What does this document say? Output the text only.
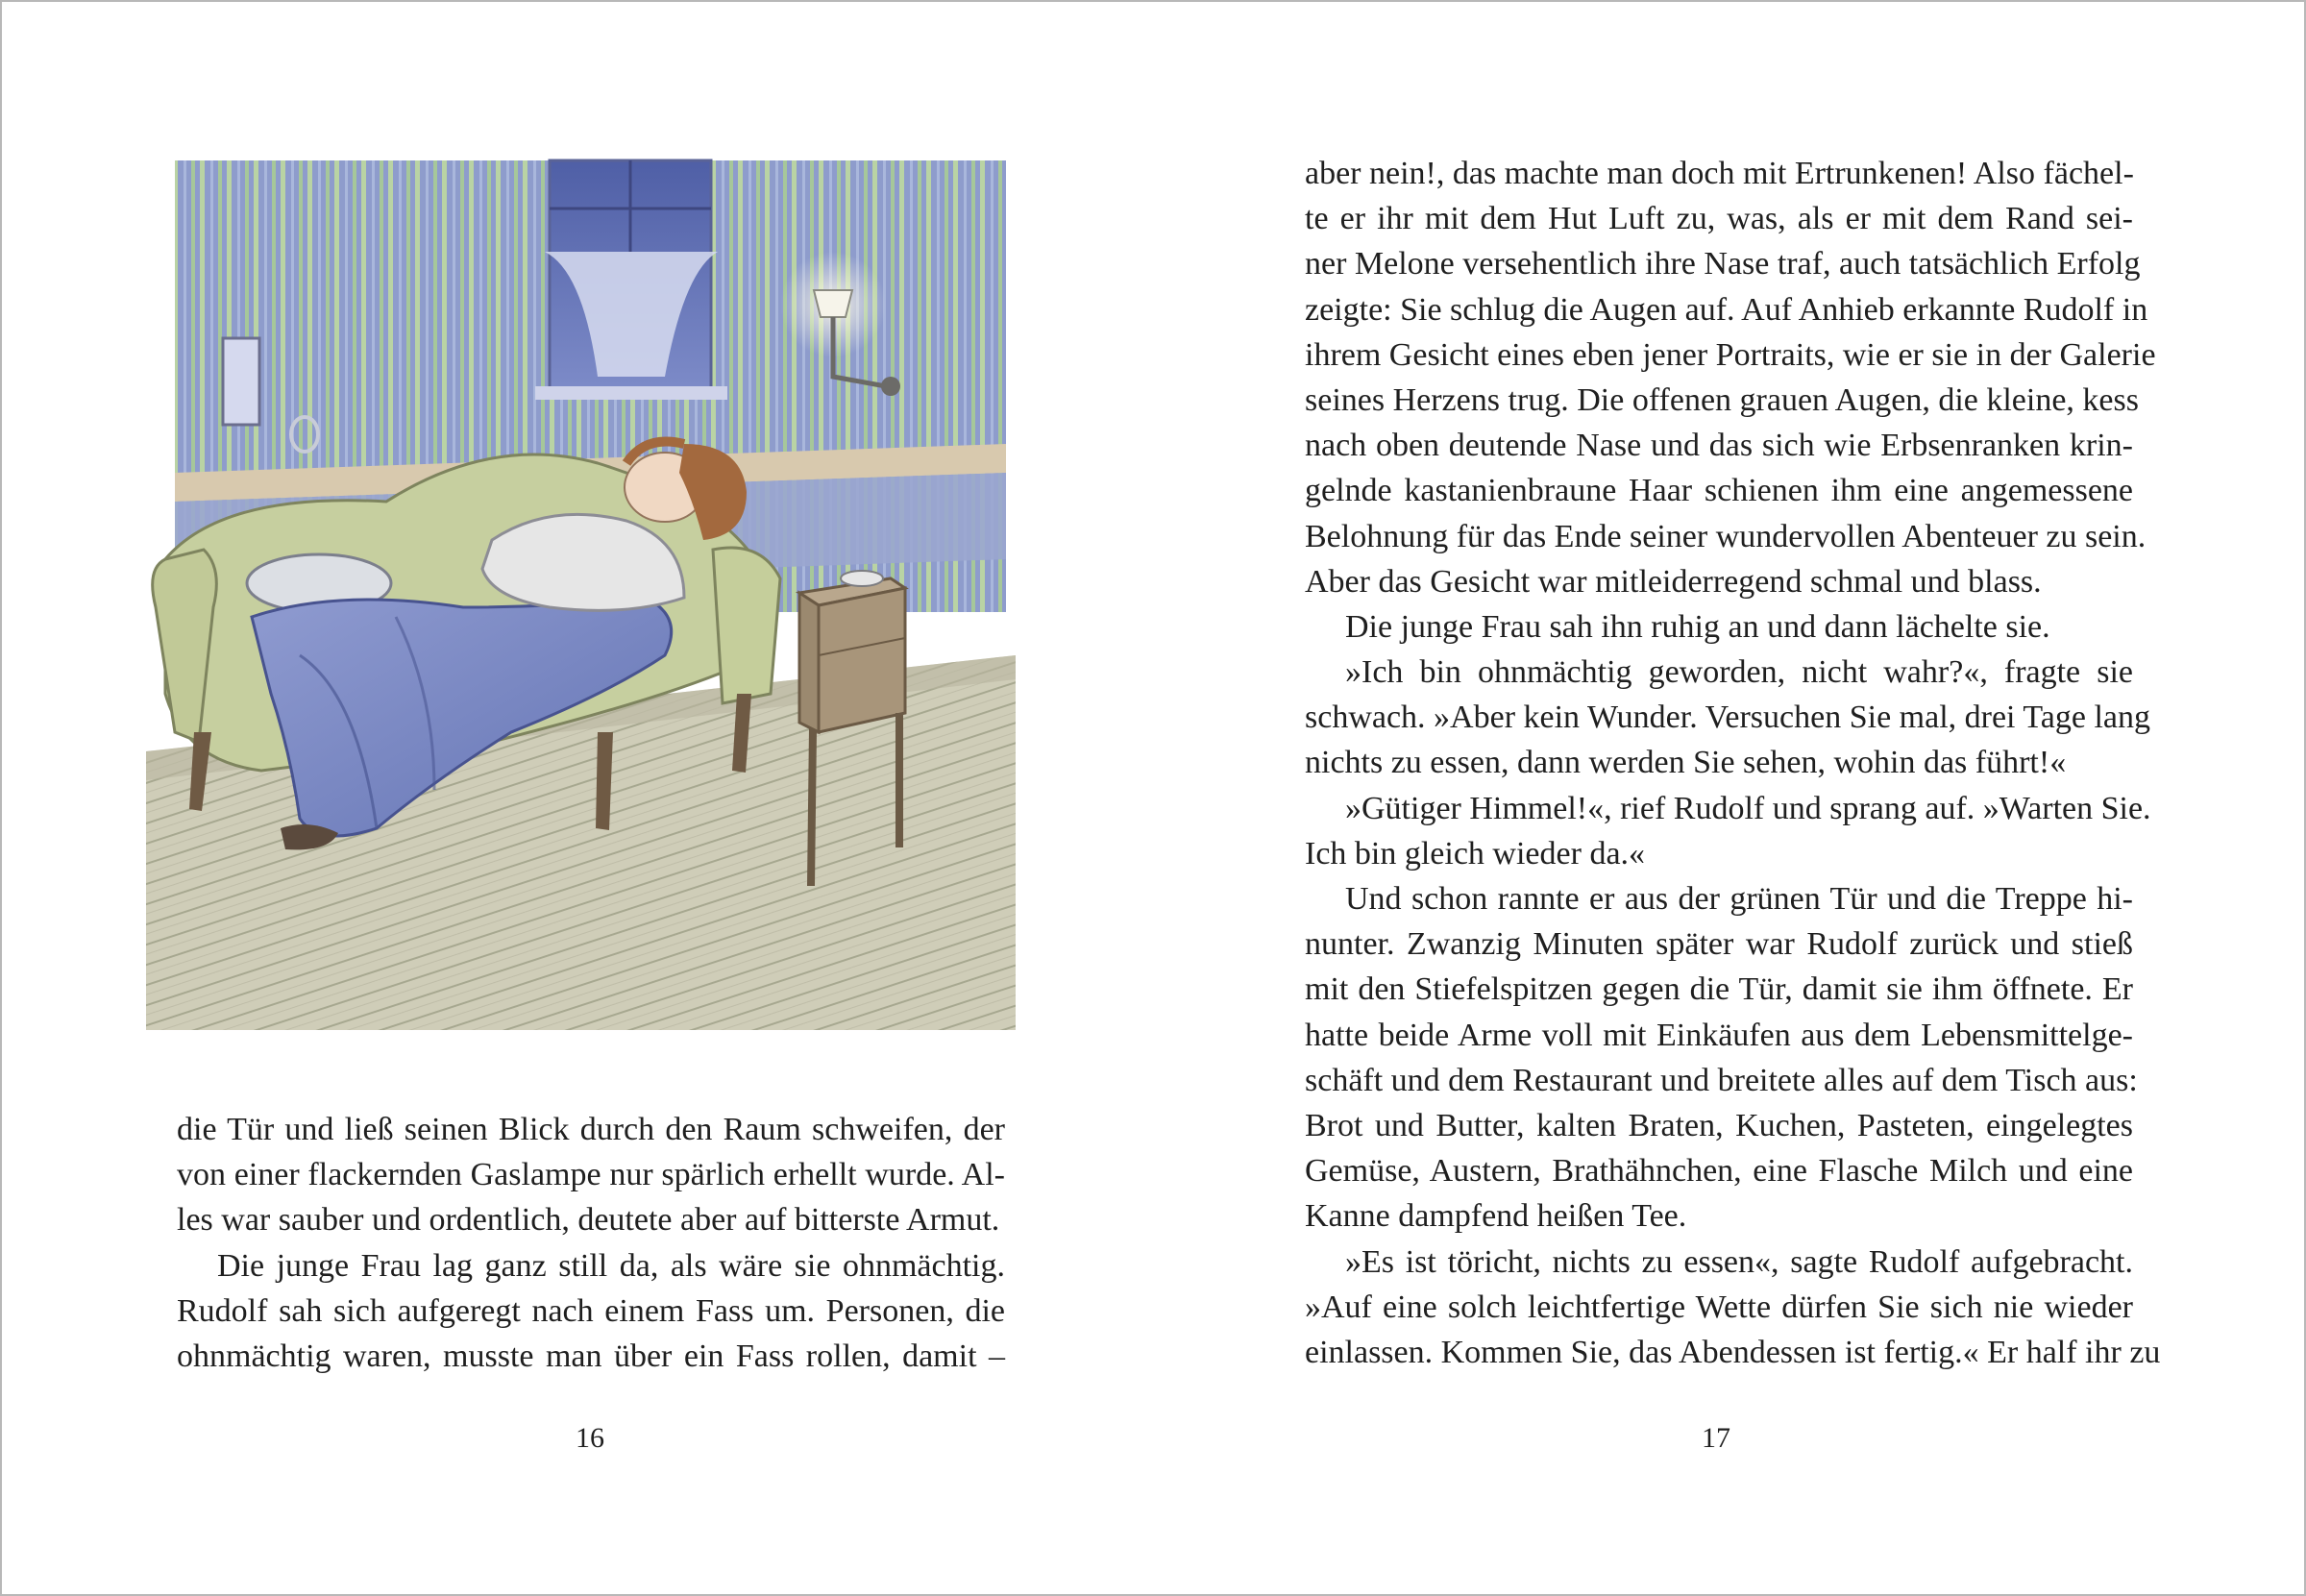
die Tür und ließ seinen Blick durch den Raum schweifen, der
von einer flackernden Gaslampe nur spärlich erhellt wurde. Al-
les war sauber und ordentlich, deutete aber auf bitterste Armut.
Die junge Frau lag ganz still da, als wäre sie ohnmächtig.
Rudolf sah sich aufgeregt nach einem Fass um. Personen, die
ohnmächtig waren, musste man über ein Fass rollen, damit –
16
aber nein!, das machte man doch mit Ertrunkenen! Also fächel-
te er ihr mit dem Hut Luft zu, was, als er mit dem Rand sei-
ner Melone versehentlich ihre Nase traf, auch tatsächlich Erfolg
zeigte: Sie schlug die Augen auf. Auf Anhieb erkannte Rudolf in
ihrem Gesicht eines eben jener Portraits, wie er sie in der Galerie
seines Herzens trug. Die offenen grauen Augen, die kleine, kess
nach oben deutende Nase und das sich wie Erbsenranken krin-
gelnde kastanienbraune Haar schienen ihm eine angemessene
Belohnung für das Ende seiner wundervollen Abenteuer zu sein.
Aber das Gesicht war mitleiderregend schmal und blass.
Die junge Frau sah ihn ruhig an und dann lächelte sie.
»Ich bin ohnmächtig geworden, nicht wahr?«, fragte sie
schwach. »Aber kein Wunder. Versuchen Sie mal, drei Tage lang
nichts zu essen, dann werden Sie sehen, wohin das führt!«
»Gütiger Himmel!«, rief Rudolf und sprang auf. »Warten Sie.
Ich bin gleich wieder da.«
Und schon rannte er aus der grünen Tür und die Treppe hi-
nunter. Zwanzig Minuten später war Rudolf zurück und stieß
mit den Stiefelspitzen gegen die Tür, damit sie ihm öffnete. Er
hatte beide Arme voll mit Einkäufen aus dem Lebensmittelge-
schäft und dem Restaurant und breitete alles auf dem Tisch aus:
Brot und Butter, kalten Braten, Kuchen, Pasteten, eingelegtes
Gemüse, Austern, Brathähnchen, eine Flasche Milch und eine
Kanne dampfend heißen Tee.
»Es ist töricht, nichts zu essen«, sagte Rudolf aufgebracht.
»Auf eine solch leichtfertige Wette dürfen Sie sich nie wieder
einlassen. Kommen Sie, das Abendessen ist fertig.« Er half ihr zu
17
